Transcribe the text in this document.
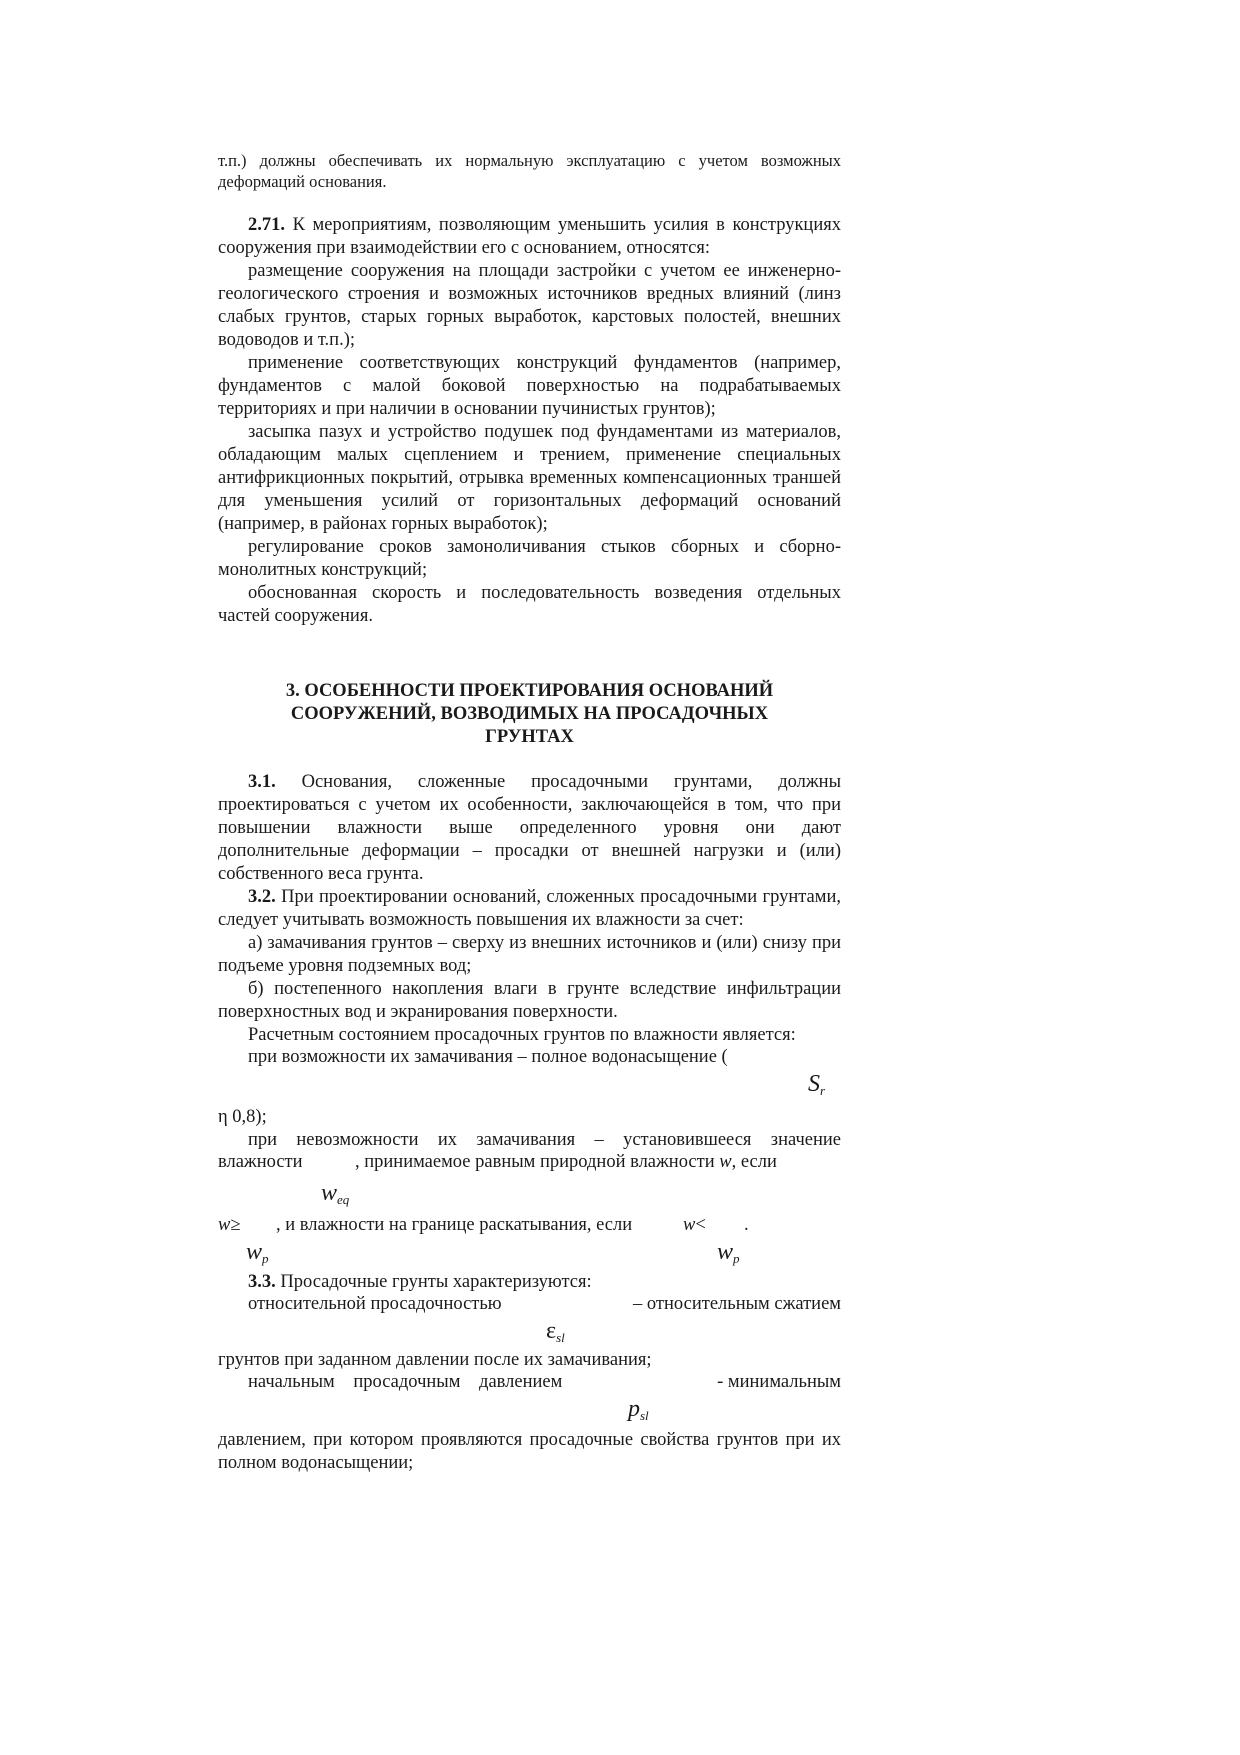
т.п.) должны обеспечивать их нормальную эксплуатацию с учетом возможных деформаций основания.

2.71. К мероприятиям, позволяющим уменьшить усилия в конструкциях сооружения при взаимодействии его с основанием, относятся:

размещение сооружения на площади застройки с учетом ее инженерно-геологического строения и возможных источников вредных влияний (линз слабых грунтов, старых горных выработок, карстовых полостей, внешних водоводов и т.п.);

применение соответствующих конструкций фундаментов (например, фундаментов с малой боковой поверхностью на подрабатываемых территориях и при наличии в основании пучинистых грунтов);

засыпка пазух и устройство подушек под фундаментами из материалов, обладающим малых сцеплением и трением, применение специальных антифрикционных покрытий, отрывка временных компенсационных траншей для уменьшения усилий от горизонтальных деформаций оснований (например, в районах горных выработок);

регулирование сроков замоноличивания стыков сборных и сборно-монолитных конструкций;

обоснованная скорость и последовательность возведения отдельных частей сооружения.

3. ОСОБЕННОСТИ ПРОЕКТИРОВАНИЯ ОСНОВАНИЙ

СООРУЖЕНИЙ, ВОЗВОДИМЫХ НА ПРОСАДОЧНЫХ

ГРУНТАХ

3.1. Основания, сложенные просадочными грунтами, должны проектироваться с учетом их особенности, заключающейся в том, что при повышении влажности выше определенного уровня они дают дополнительные деформации – просадки от внешней нагрузки и (или) собственного веса грунта.

3.2. При проектировании оснований, сложенных просадочными грунтами, следует учитывать возможность повышения их влажности за счет:

а) замачивания грунтов – сверху из внешних источников и (или) снизу при подъеме уровня подземных вод;

б) постепенного накопления влаги в грунте вследствие инфильтрации поверхностных вод и экранирования поверхности.

Расчетным состоянием просадочных грунтов по влажности является:

при возможности их замачивания – полное водонасыщение (
$S_r$

η 0,8);

при невозможности их замачивания – установившееся значение

влажности	, принимаемое равным природной влажности w, если
$w_{eq}$
w≥ , и влажности на границе раскатывания, если	w< .
$w_p$	$w_p$

3.3. Просадочные грунты характеризуются:

относительной просадочностью	– относительным сжатием
$\varepsilon_{sl}$

грунтов при заданном давлении после их замачивания;

начальным просадочным давлением	- минимальным
$p_{sl}$

давлением, при котором проявляются просадочные свойства грунтов при их полном водонасыщении;
